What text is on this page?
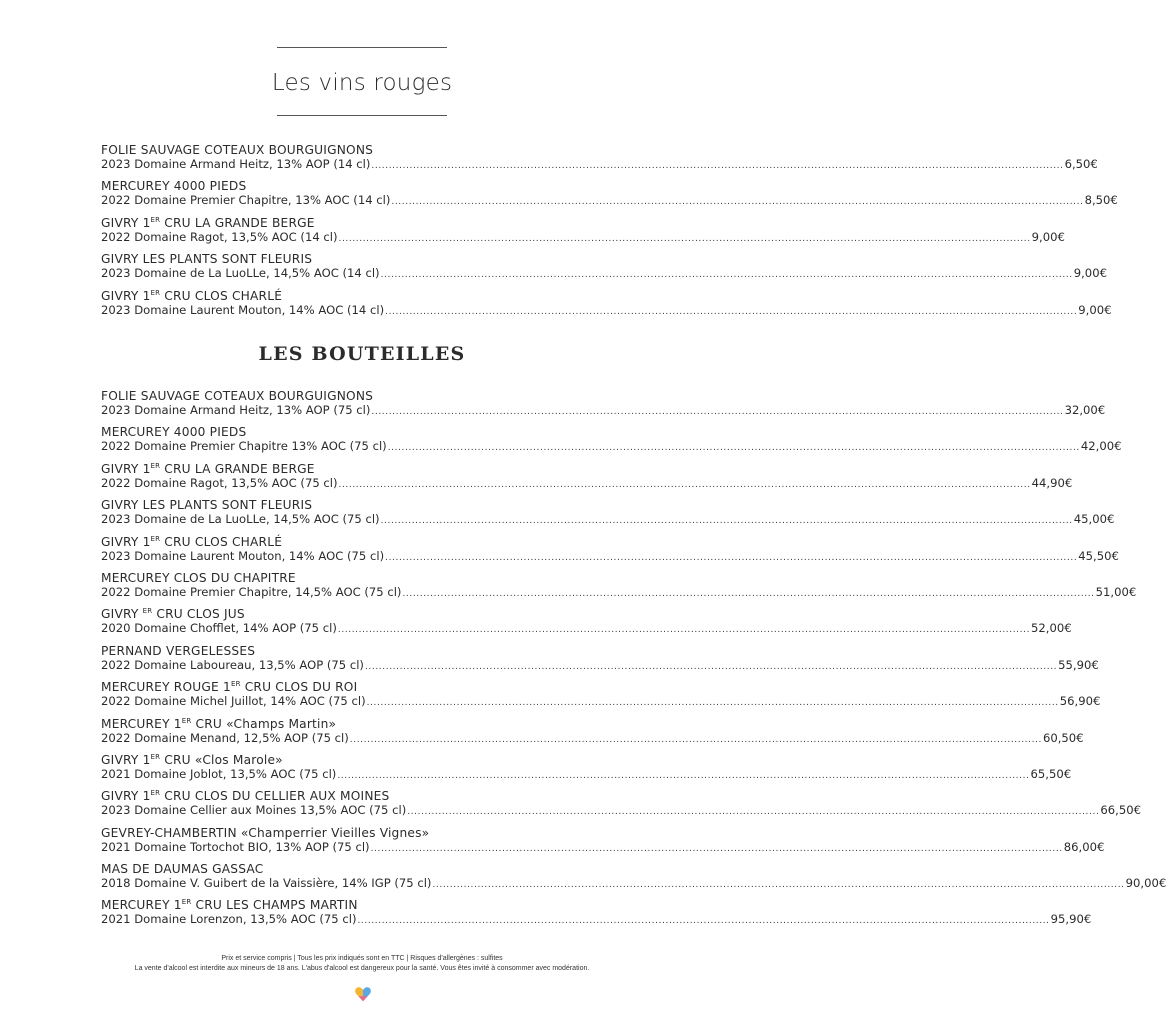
Les vins rouges
FOLIE SAUVAGE COTEAUX BOURGUIGNONS
2023 Domaine Armand Heitz, 13% AOP (14 cl) ........................................................................................................................................................................................................ 6,50€
MERCUREY 4000 PIEDS
2022 Domaine Premier Chapitre, 13% AOC (14 cl) ........................................................................................................................................................................................................ 8,50€
GIVRY 1ER CRU LA GRANDE BERGE
2022 Domaine Ragot, 13,5% AOC (14 cl) ........................................................................................................................................................................................................ 9,00€
GIVRY LES PLANTS SONT FLEURIS
2023 Domaine de La LuoLLe, 14,5% AOC (14 cl) ........................................................................................................................................................................................................ 9,00€
GIVRY 1ER CRU CLOS CHARLÉ
2023 Domaine Laurent Mouton, 14% AOC (14 cl) ........................................................................................................................................................................................................ 9,00€
LES BOUTEILLES
FOLIE SAUVAGE COTEAUX BOURGUIGNONS
2023 Domaine Armand Heitz, 13% AOP (75 cl) ........................................................................................................................................................................................................ 32,00€
MERCUREY 4000 PIEDS
2022 Domaine Premier Chapitre 13% AOC (75 cl) ........................................................................................................................................................................................................ 42,00€
GIVRY 1ER CRU LA GRANDE BERGE
2022 Domaine Ragot, 13,5% AOC (75 cl) ........................................................................................................................................................................................................ 44,90€
GIVRY LES PLANTS SONT FLEURIS
2023 Domaine de La LuoLLe, 14,5% AOC (75 cl) ........................................................................................................................................................................................................ 45,00€
GIVRY 1ER CRU CLOS CHARLÉ
2023 Domaine Laurent Mouton, 14% AOC (75 cl) ........................................................................................................................................................................................................ 45,50€
MERCUREY CLOS DU CHAPITRE
2022 Domaine Premier Chapitre, 14,5% AOC (75 cl) ........................................................................................................................................................................................................ 51,00€
GIVRY $^{ER}$ CRU CLOS JUS
2020 Domaine Chofflet, 14% AOP (75 cl) ........................................................................................................................................................................................................ 52,00€
PERNAND VERGELESSES
2022 Domaine Laboureau, 13,5% AOP (75 cl) ........................................................................................................................................................................................................ 55,90€
MERCUREY ROUGE 1ER CRU CLOS DU ROI
2022 Domaine Michel Juillot, 14% AOC (75 cl) ........................................................................................................................................................................................................ 56,90€
MERCUREY 1ER CRU «Champs Martin»
2022 Domaine Menand, 12,5% AOP (75 cl) ........................................................................................................................................................................................................ 60,50€
GIVRY 1ER CRU «Clos Marole»
2021 Domaine Joblot, 13,5% AOC (75 cl) ........................................................................................................................................................................................................ 65,50€
GIVRY 1ER CRU CLOS DU CELLIER AUX MOINES
2023 Domaine Cellier aux Moines 13,5% AOC (75 cl) ........................................................................................................................................................................................................ 66,50€
GEVREY-CHAMBERTIN «Champerrier Vieilles Vignes»
2021 Domaine Tortochot BIO, 13% AOP (75 cl) ........................................................................................................................................................................................................ 86,00€
MAS DE DAUMAS GASSAC
2018 Domaine V. Guibert de la Vaissière, 14% IGP (75 cl) ........................................................................................................................................................................................................ 90,00€
MERCUREY 1ER CRU LES CHAMPS MARTIN
2021 Domaine Lorenzon, 13,5% AOC (75 cl) ........................................................................................................................................................................................................ 95,90€
Prix et service compris | Tous les prix indiqués sont en TTC | Risques d'allergènes : sulfites
La vente d'alcool est interdite aux mineurs de 18 ans. L'abus d'alcool est dangereux pour la santé. Vous êtes invité à consommer avec modération.
